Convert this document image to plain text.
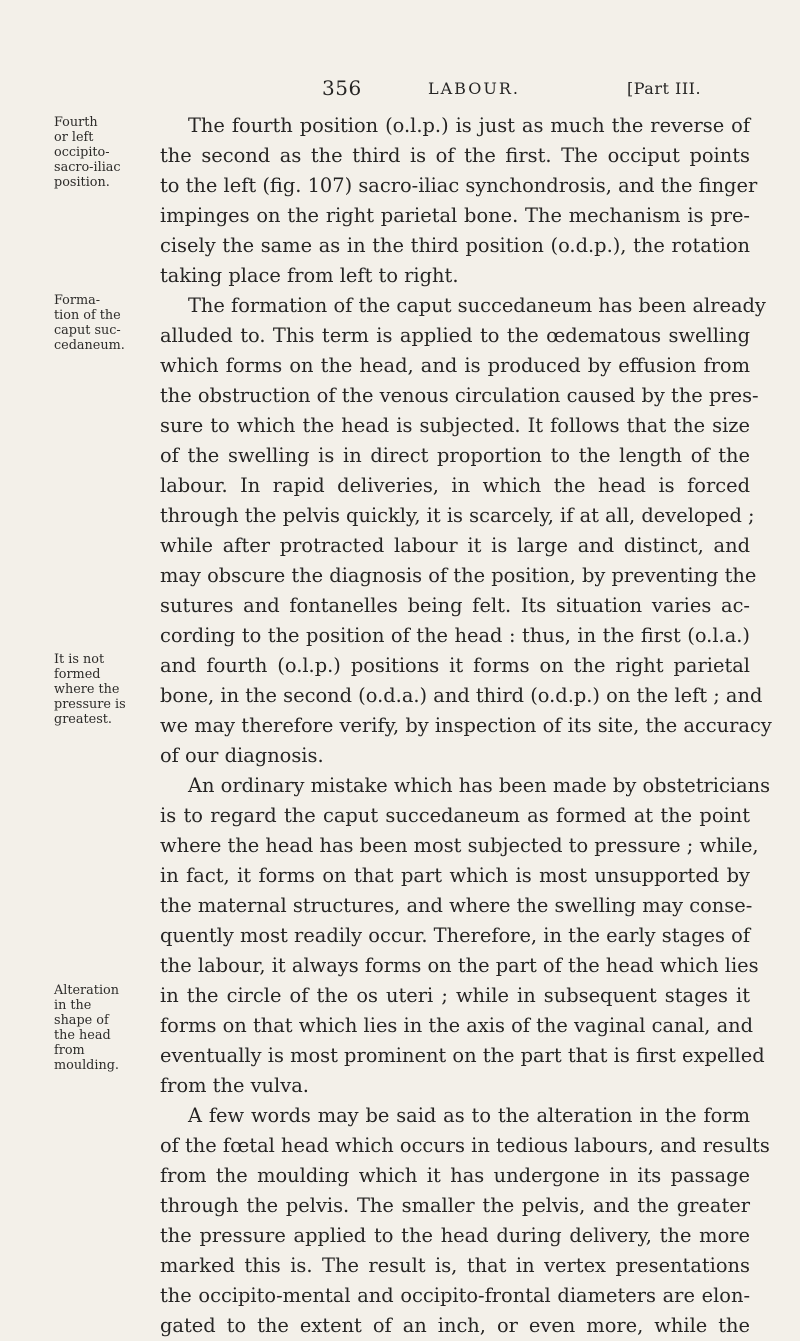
356	LABOUR.	[Part III.
Fourth
or left
occipito-
sacro-iliac
position.
Forma-
tion of the
caput suc-
cedaneum.
It is not
formed
where the
pressure is
greatest.
Alteration
in the
shape of
the head
from
moulding.

The fourth position (o.l.p.) is just as much the reverse of
the second as the third is of the first. The occiput points
to the left (fig. 107) sacro-iliac synchondrosis, and the finger
impinges on the right parietal bone. The mechanism is pre-
cisely the same as in the third position (o.d.p.), the rotation
taking place from left to right.

The formation of the caput succedaneum has been already
alluded to. This term is applied to the œdematous swelling
which forms on the head, and is produced by effusion from
the obstruction of the venous circulation caused by the pres-
sure to which the head is subjected. It follows that the size
of the swelling is in direct proportion to the length of the
labour. In rapid deliveries, in which the head is forced
through the pelvis quickly, it is scarcely, if at all, developed ;
while after protracted labour it is large and distinct, and
may obscure the diagnosis of the position, by preventing the
sutures and fontanelles being felt. Its situation varies ac-
cording to the position of the head : thus, in the first (o.l.a.)
and fourth (o.l.p.) positions it forms on the right parietal
bone, in the second (o.d.a.) and third (o.d.p.) on the left ; and
we may therefore verify, by inspection of its site, the accuracy
of our diagnosis.

An ordinary mistake which has been made by obstetricians
is to regard the caput succedaneum as formed at the point
where the head has been most subjected to pressure ; while,
in fact, it forms on that part which is most unsupported by
the maternal structures, and where the swelling may conse-
quently most readily occur. Therefore, in the early stages of
the labour, it always forms on the part of the head which lies
in the circle of the os uteri ; while in subsequent stages it
forms on that which lies in the axis of the vaginal canal, and
eventually is most prominent on the part that is first expelled
from the vulva.

A few words may be said as to the alteration in the form
of the fœtal head which occurs in tedious labours, and results
from the moulding which it has undergone in its passage
through the pelvis. The smaller the pelvis, and the greater
the pressure applied to the head during delivery, the more
marked this is. The result is, that in vertex presentations
the occipito-mental and occipito-frontal diameters are elon-
gated to the extent of an inch, or even more, while the
